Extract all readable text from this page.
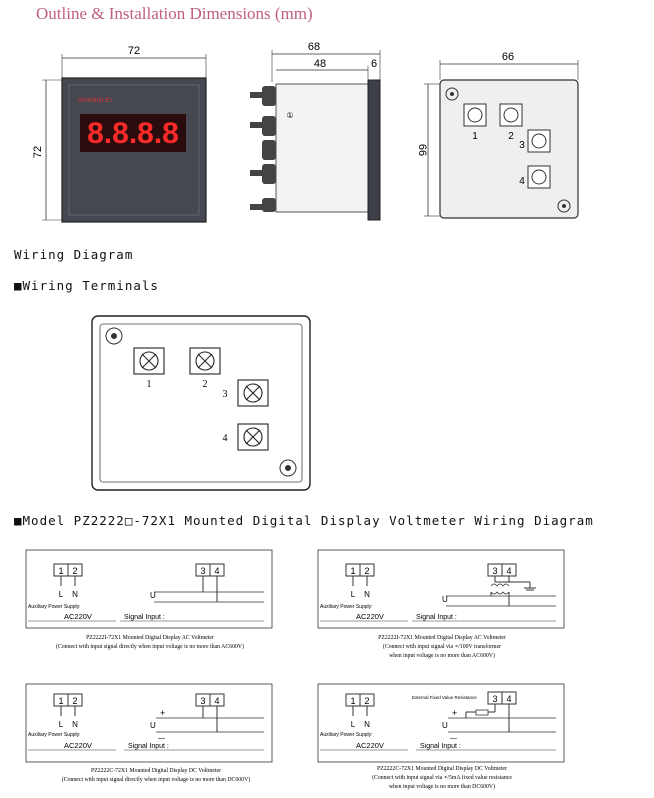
Outline & Installation Dimensions (mm)
72
72
SHANGLEI
8.8.8.8
68
48	6
①
66
66
1	2
3
4
Wiring Diagram
■Wiring Terminals
1	2
3
4
■Model PZ2222□-72X1 Mounted Digital Display Voltmeter Wiring Diagram
1 2
L N
3 4
U
Auxiliary Power Supply:
AC220V	Signal Input :
PZ2222I-72X1 Mounted Digital Display AC Voltmeter
(Connect with input signal directly when input voltage is no more than AC600V)
1 2
L N
3 4
U
Auxiliary Power Supply:
AC220V	Signal Input :
PZ2222I-72X1 Mounted Digital Display AC Voltmeter
(Connect with input signal via ∘/100V transformer
when input voltage is no more than AC600V)
1 2
L N
3 4
+
—
U
Auxiliary Power Supply:
AC220V	Signal Input :
PZ2222C-72X1 Mounted Digital Display DC Voltmeter
(Connect with input signal directly when input voltage is no more than DC600V)
1 2
L N
External Fixed Value Resistance 3 4
+
—
U
Auxiliary Power Supply:
AC220V	Signal Input :
PZ2222C-72X1 Mounted Digital Display DC Voltmeter
(Connect with input signal via ∘/5mA fixed value resistance
when input voltage is no more than DC600V)
